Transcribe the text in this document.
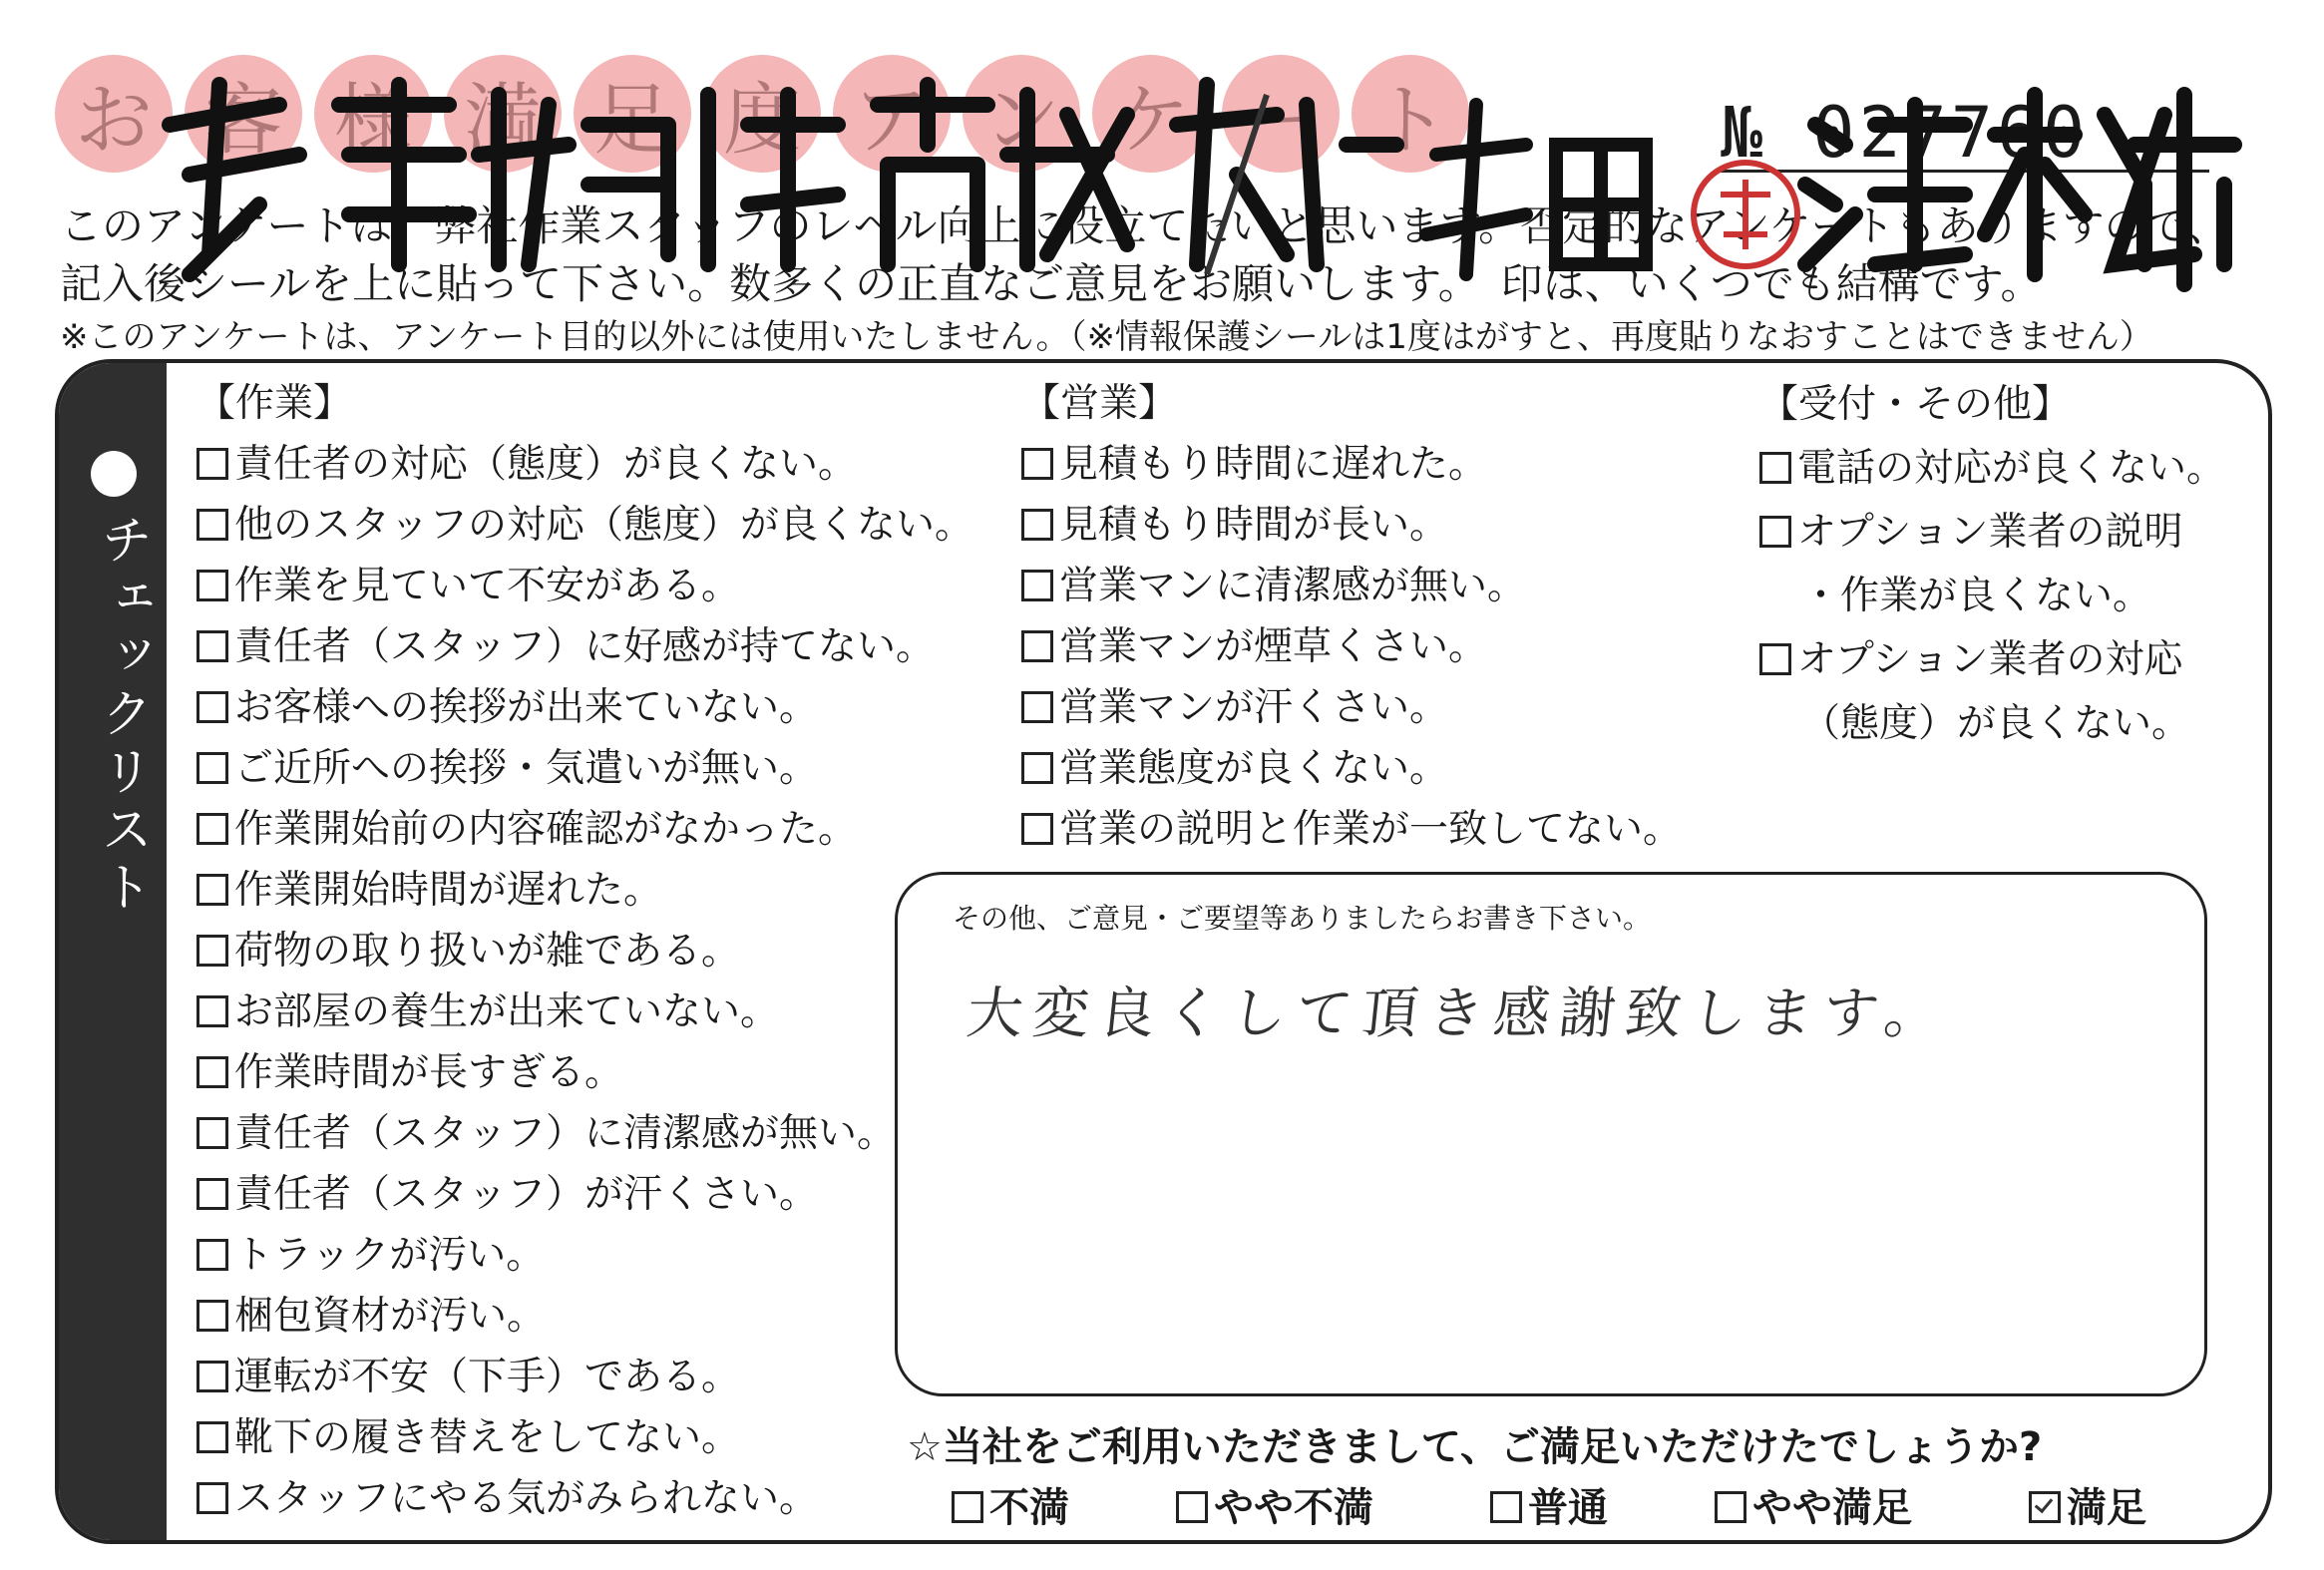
お 客 様 満 足 度 ア ン ケ ー ト	№ 027760
このアンケートは、弊社作業スタッフのレベル向上に役立てたいと思います。否定的なアンケートもありますので、
記入後シールを上に貼って下さい。数多くの正直なご意見をお願いします。　印は、いくつでも結構です。
※このアンケートは、アンケート目的以外には使用いたしません。（※情報保護シールは1度はがすと、再度貼りなおすことはできません）
チェックリスト
【作業】
責任者の対応（態度）が良くない。
他のスタッフの対応（態度）が良くない。
作業を見ていて不安がある。
責任者（スタッフ）に好感が持てない。
お客様への挨拶が出来ていない。
ご近所への挨拶・気遣いが無い。
作業開始前の内容確認がなかった。
作業開始時間が遅れた。
荷物の取り扱いが雑である。
お部屋の養生が出来ていない。
作業時間が長すぎる。
責任者（スタッフ）に清潔感が無い。
責任者（スタッフ）が汗くさい。
トラックが汚い。
梱包資材が汚い。
運転が不安（下手）である。
靴下の履き替えをしてない。
スタッフにやる気がみられない。
【営業】
見積もり時間に遅れた。
見積もり時間が長い。
営業マンに清潔感が無い。
営業マンが煙草くさい。
営業マンが汗くさい。
営業態度が良くない。
営業の説明と作業が一致してない。
【受付・その他】
電話の対応が良くない。
オプション業者の説明
・作業が良くない。
オプション業者の対応
（態度）が良くない。
その他、ご意見・ご要望等ありましたらお書き下さい。
大変良くして頂き感謝致します。
☆当社をご利用いただきまして、ご満足いただけたでしょうか?
不満	やや不満	普通	やや満足	満足
